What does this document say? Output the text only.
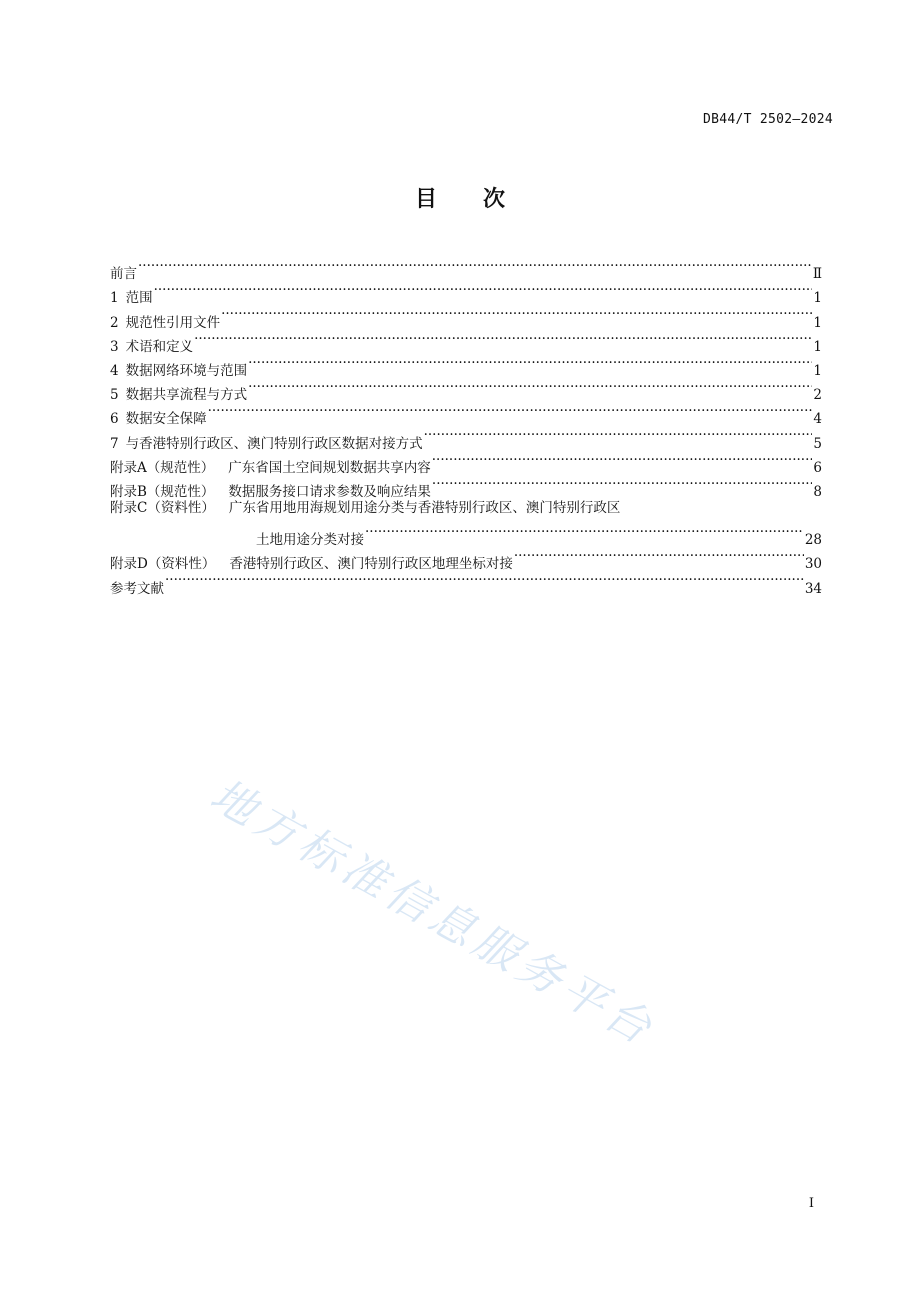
DB44/T 2502—2024
目 次
前言 ·····	Ⅱ
1 范围 ·····	1
2 规范性引用文件 ·····	1
3 术语和定义 ·····	1
4 数据网络环境与范围 ·····	1
5 数据共享流程与方式 ·····	2
6 数据安全保障 ·····	4
7 与香港特别行政区、澳门特别行政区数据对接方式 ·····	5
附录A（规范性） 广东省国土空间规划数据共享内容 ·····	6
附录B（规范性） 数据服务接口请求参数及响应结果 ·····	8
附录C（资料性） 广东省用地用海规划用途分类与香港特别行政区、澳门特别行政区
土地用途分类对接 ·····	28
附录D（资料性） 香港特别行政区、澳门特别行政区地理坐标对接 ·····	30
参考文献 ·····	34
地方标准信息服务平台
I
